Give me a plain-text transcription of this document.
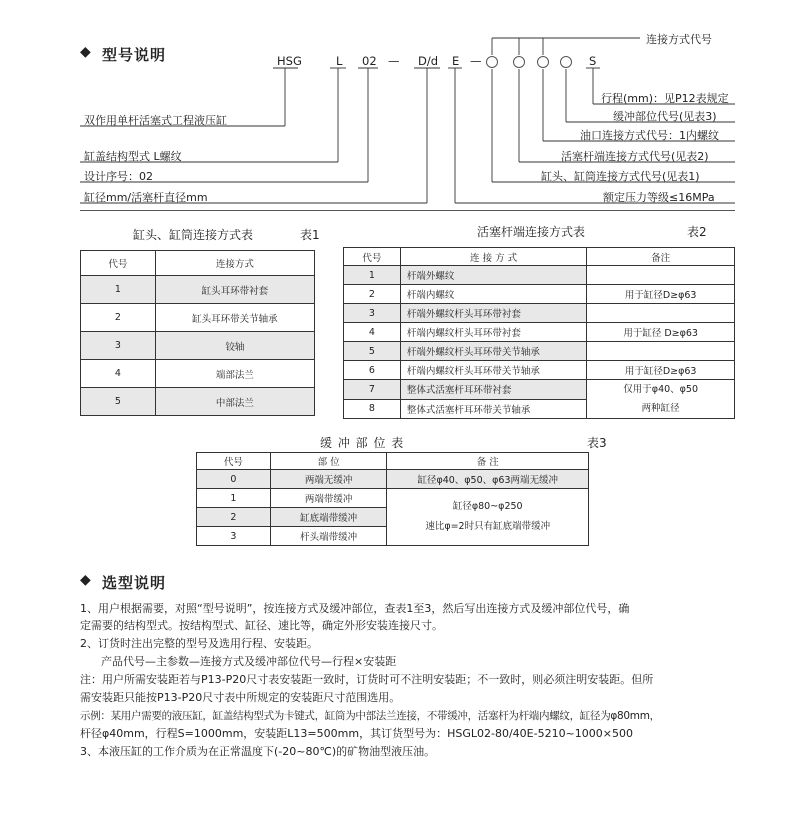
◆ 型号说明	HSG	L 02 — D/d E —	S
连接方式代号
行程(mm)：见P12表规定
缓冲部位代号(见表3)
油口连接方式代号：1内螺纹
活塞杆端连接方式代号(见表2)
缸头、缸筒连接方式代号(见表1)
额定压力等级≤16MPa
双作用单杆活塞式工程液压缸
缸盖结构型式 L螺纹
设计序号：02
缸径mm/活塞杆直径mm
缸头、缸筒连接方式表	表1
代号	连接方式
1	缸头耳环带衬套
2	缸头耳环带关节轴承
3	铰轴
4	端部法兰
5	中部法兰
活塞杆端连接方式表	表2
代号	连 接 方 式	备注
1	杆端外螺纹	
2	杆端内螺纹	用于缸径D≥φ63
3	杆端外螺纹杆头耳环带衬套	
4	杆端内螺纹杆头耳环带衬套	用于缸径 D≥φ63
5	杆端外螺纹杆头耳环带关节轴承	
6	杆端内螺纹杆头耳环带关节轴承	用于缸径D≥φ63
7	整体式活塞杆耳环带衬套	仅用于φ40、φ50
两种缸径

8	整体式活塞杆耳环带关节轴承	
缓 冲 部 位 表	表3
代号	部 位	备 注
0	两端无缓冲	缸径φ40、φ50、φ63两端无缓冲
1	两端带缓冲	缸径φ80~φ250
速比φ=2时只有缸底端带缓冲

2	缸底端带缓冲	
3	杆头端带缓冲	
◆ 选型说明
1、用户根据需要，对照“型号说明”，按连接方式及缓冲部位，查表1至3，然后写出连接方式及缓冲部位代号，确
定需要的结构型式。按结构型式、缸径、速比等，确定外形安装连接尺寸。
2、订货时注出完整的型号及选用行程、安装距。
产品代号—主参数—连接方式及缓冲部位代号—行程×安装距
注：用户所需安装距若与P13-P20尺寸表安装距一致时，订货时可不注明安装距；不一致时，则必须注明安装距。但所
需安装距只能按P13-P20尺寸表中所规定的安装距尺寸范围选用。
示例：某用户需要的液压缸，缸盖结构型式为卡键式，缸筒为中部法兰连接，不带缓冲，活塞杆为杆端内螺纹，缸径为φ80mm，
杆径φ40mm，行程S=1000mm，安装距L13=500mm，其订货型号为：HSGL02-80/40E-5210~1000×500
3、本液压缸的工作介质为在正常温度下(-20~80℃)的矿物油型液压油。
